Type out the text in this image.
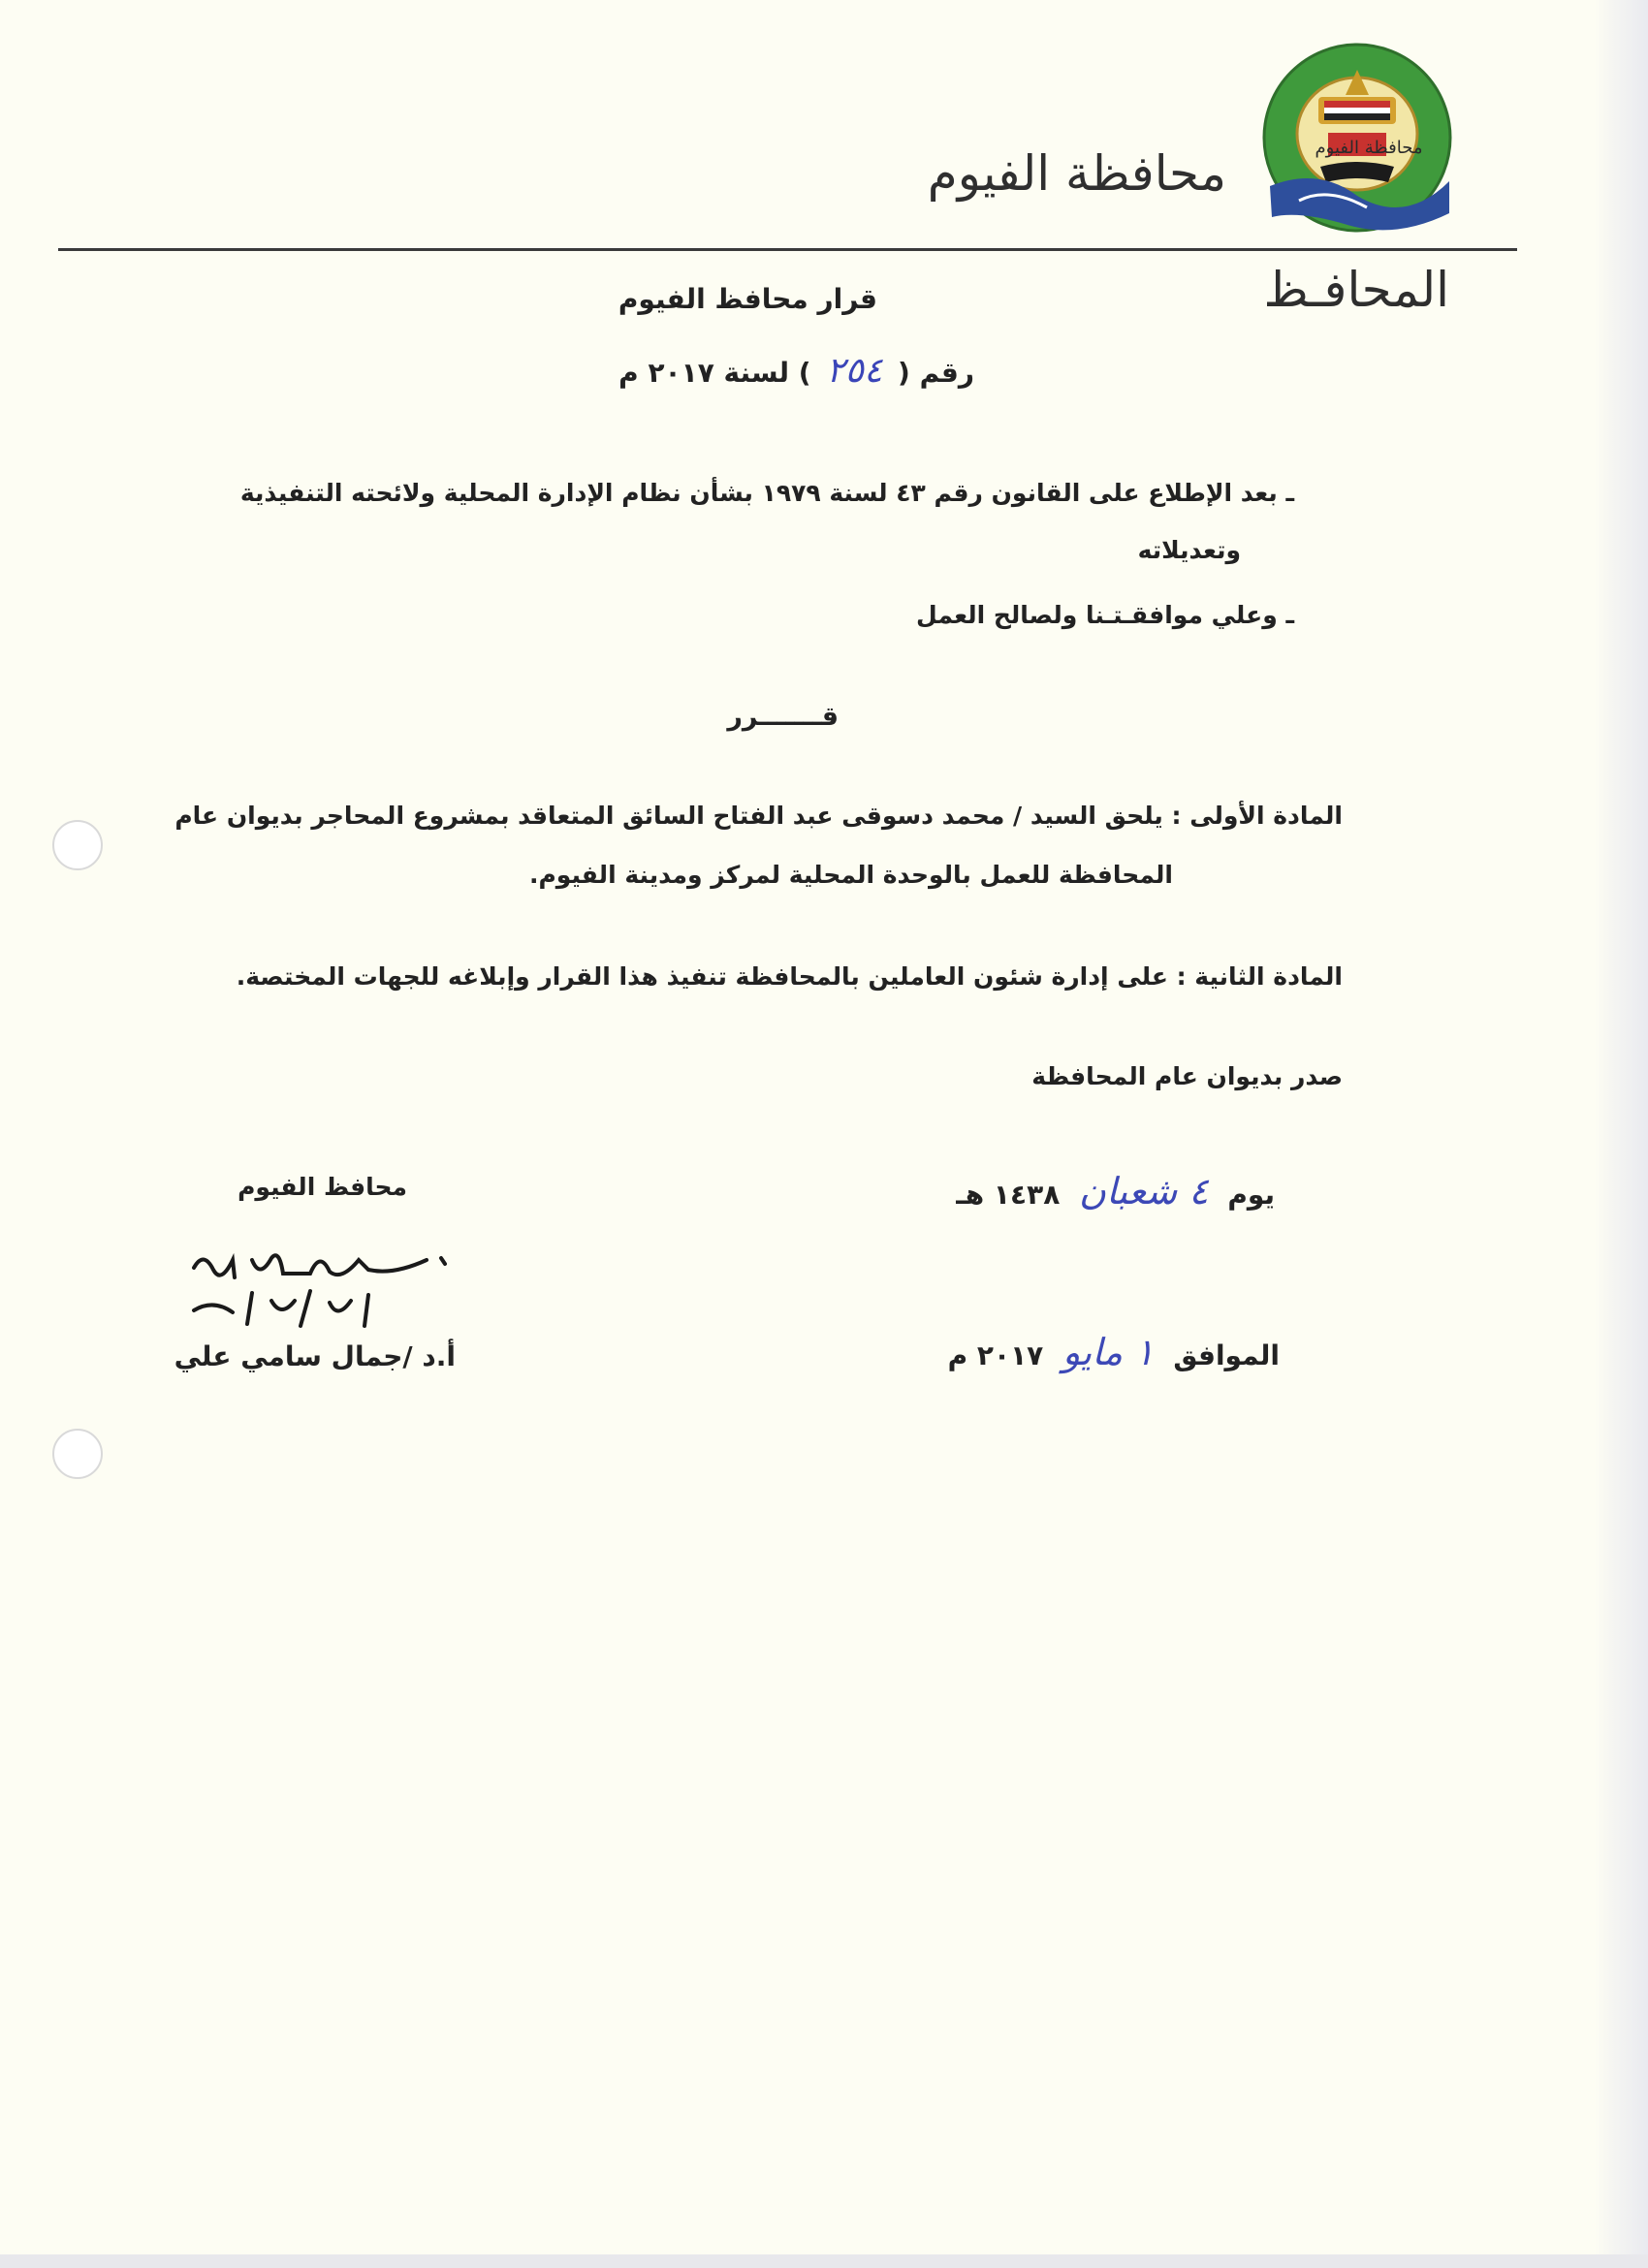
محافظة الفيوم
محافظة الفيوم
المحافـظ
قرار محافظ الفيوم
رقم ( ٢٥٤ ) لسنة ٢٠١٧ م
ـ بعد الإطلاع على القانون رقم ٤٣ لسنة ١٩٧٩ بشأن نظام الإدارة المحلية ولائحته التنفيذية
وتعديلاته
ـ وعلي موافقـتـنا ولصالح العمل
قـــــــرر
المادة الأولى : يلحق السيد / محمد دسوقى عبد الفتاح السائق المتعاقد بمشروع المحاجر بديوان عام
المحافظة للعمل بالوحدة المحلية لمركز ومدينة الفيوم.
المادة الثانية : على إدارة شئون العاملين بالمحافظة تنفيذ هذا القرار وإبلاغه للجهات المختصة.
صدر بديوان عام المحافظة
يوم ٤ شعبان ١٤٣٨ هـ
الموافق ١ مايو ٢٠١٧ م
محافظ الفيوم
أ.د /جمال سامي علي
